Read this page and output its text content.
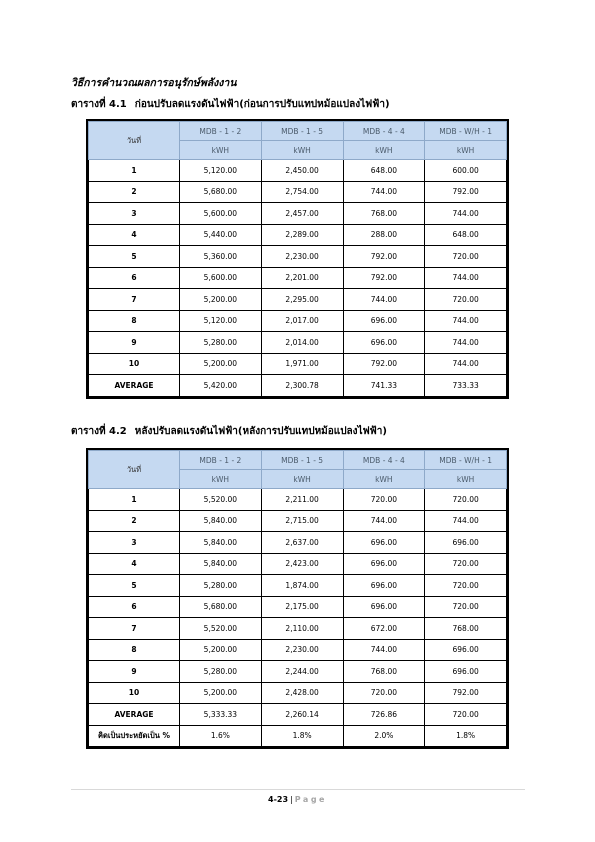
วิธีการคำนวณผลการอนุรักษ์พลังงาน
ตารางที่ 4.1 ก่อนปรับลดแรงดันไฟฟ้า(ก่อนการปรับแทปหม้อแปลงไฟฟ้า)
วันที่	MDB - 1 - 2	MDB - 1 - 5	MDB - 4 - 4	MDB - W/H - 1
	kWH	kWH	kWH	kWH
1	5,120.00	2,450.00	648.00	600.00
2	5,680.00	2,754.00	744.00	792.00
3	5,600.00	2,457.00	768.00	744.00
4	5,440.00	2,289.00	288.00	648.00
5	5,360.00	2,230.00	792.00	720.00
6	5,600.00	2,201.00	792.00	744.00
7	5,200.00	2,295.00	744.00	720.00
8	5,120.00	2,017.00	696.00	744.00
9	5,280.00	2,014.00	696.00	744.00
10	5,200.00	1,971.00	792.00	744.00
AVERAGE	5,420.00	2,300.78	741.33	733.33
ตารางที่ 4.2 หลังปรับลดแรงดันไฟฟ้า(หลังการปรับแทปหม้อแปลงไฟฟ้า)
วันที่	MDB - 1 - 2	MDB - 1 - 5	MDB - 4 - 4	MDB - W/H - 1
	kWH	kWH	kWH	kWH
1	5,520.00	2,211.00	720.00	720.00
2	5,840.00	2,715.00	744.00	744.00
3	5,840.00	2,637.00	696.00	696.00
4	5,840.00	2,423.00	696.00	720.00
5	5,280.00	1,874.00	696.00	720.00
6	5,680.00	2,175.00	696.00	720.00
7	5,520.00	2,110.00	672.00	768.00
8	5,200.00	2,230.00	744.00	696.00
9	5,280.00	2,244.00	768.00	696.00
10	5,200.00	2,428.00	720.00	792.00
AVERAGE	5,333.33	2,260.14	726.86	720.00
คิดเป็นประหยัดเป็น %	1.6%	1.8%	2.0%	1.8%
4-23 | Page
